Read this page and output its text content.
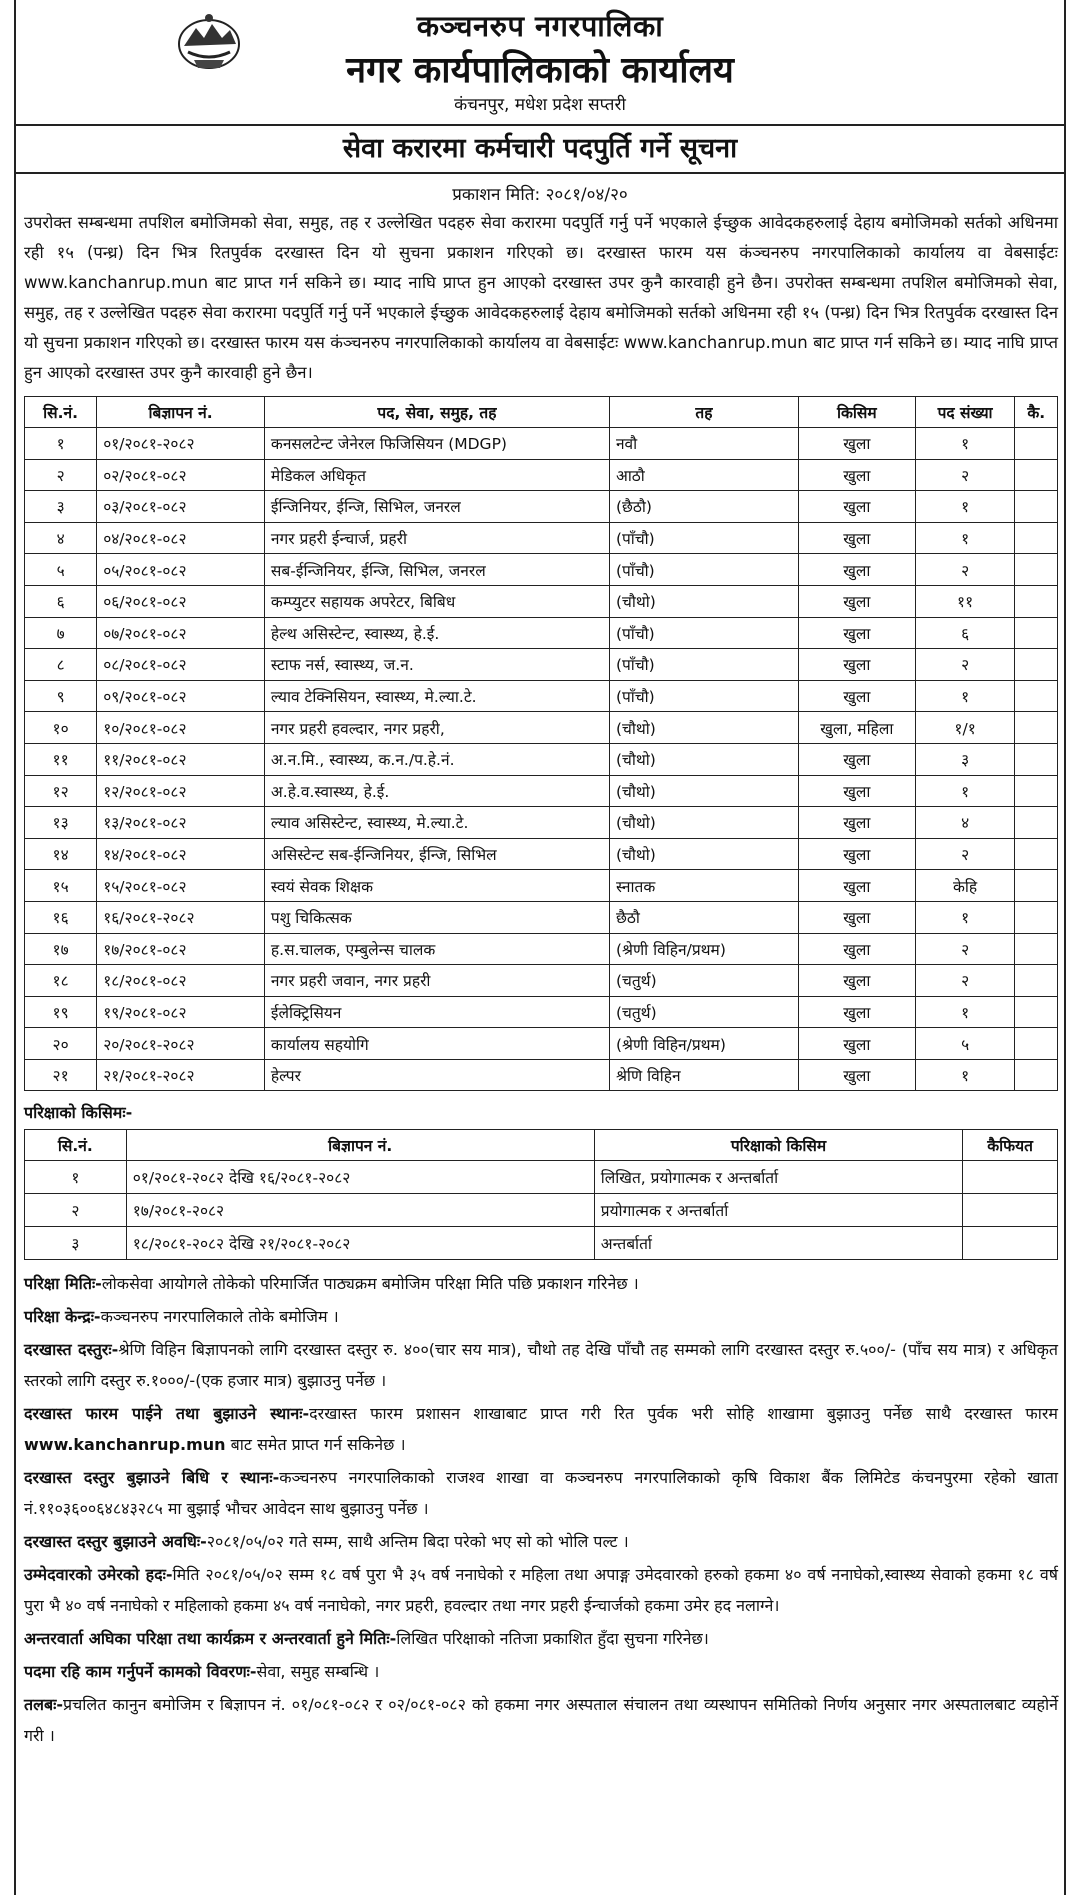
कञ्चनरुप नगरपालिका
नगर कार्यपालिकाको कार्यालय
कंचनपुर, मधेश प्रदेश सप्तरी
सेवा करारमा कर्मचारी पदपुर्ति गर्ने सूचना
प्रकाशन मिति: २०८१/०४/२०
उपरोक्त सम्बन्धमा तपशिल बमोजिमको सेवा, समुह, तह र उल्लेखित पदहरु सेवा करारमा पदपुर्ति गर्नु पर्ने भएकाले ईच्छुक आवेदकहरुलाई देहाय बमोजिमको सर्तको अधिनमा रही १५ (पन्ध्र) दिन भित्र रितपुर्वक दरखास्त दिन यो सुचना प्रकाशन गरिएको छ। दरखास्त फारम यस कंञ्चनरुप नगरपालिकाको कार्यालय वा वेबसाईटः www.kanchanrup.mun बाट प्राप्त गर्न सकिने छ। म्याद नाघि प्राप्त हुन आएको दरखास्त उपर कुनै कारवाही हुने छैन। उपरोक्त सम्बन्धमा तपशिल बमोजिमको सेवा, समुह, तह र उल्लेखित पदहरु सेवा करारमा पदपुर्ति गर्नु पर्ने भएकाले ईच्छुक आवेदकहरुलाई देहाय बमोजिमको सर्तको अधिनमा रही १५ (पन्ध्र) दिन भित्र रितपुर्वक दरखास्त दिन यो सुचना प्रकाशन गरिएको छ। दरखास्त फारम यस कंञ्चनरुप नगरपालिकाको कार्यालय वा वेबसाईटः www.kanchanrup.mun बाट प्राप्त गर्न सकिने छ। म्याद नाघि प्राप्त हुन आएको दरखास्त उपर कुनै कारवाही हुने छैन।
सि.नं.	बिज्ञापन नं.	पद, सेवा, समुह, तह	तह	किसिम	पद संख्या	कै.
१	०१/२०८१-२०८२	कनसलटेन्ट जेनेरल फिजिसियन (MDGP)	नवौ	खुला	१	
२	०२/२०८१-०८२	मेडिकल अधिकृत	आठौ	खुला	२	
३	०३/२०८१-०८२	ईन्जिनियर, ईन्जि, सिभिल, जनरल	(छैठौ)	खुला	१	
४	०४/२०८१-०८२	नगर प्रहरी ईन्चार्ज, प्रहरी	(पाँचौ)	खुला	१	
५	०५/२०८१-०८२	सब-ईन्जिनियर, ईन्जि, सिभिल, जनरल	(पाँचौ)	खुला	२	
६	०६/२०८१-०८२	कम्प्युटर सहायक अपरेटर, बिबिध	(चौथो)	खुला	११	
७	०७/२०८१-०८२	हेल्थ असिस्टेन्ट, स्वास्थ्य, हे.ई.	(पाँचौ)	खुला	६	
८	०८/२०८१-०८२	स्टाफ नर्स, स्वास्थ्य, ज.न.	(पाँचौ)	खुला	२	
९	०९/२०८१-०८२	ल्याव टेक्निसियन, स्वास्थ्य, मे.ल्या.टे.	(पाँचौ)	खुला	१	
१०	१०/२०८१-०८२	नगर प्रहरी हवल्दार, नगर प्रहरी,	(चौथो)	खुला, महिला	१/१	
११	११/२०८१-०८२	अ.न.मि., स्वास्थ्य, क.न./प.हे.नं.	(चौथो)	खुला	३	
१२	१२/२०८१-०८२	अ.हे.व.स्वास्थ्य, हे.ई.	(चौथो)	खुला	१	
१३	१३/२०८१-०८२	ल्याव असिस्टेन्ट, स्वास्थ्य, मे.ल्या.टे.	(चौथो)	खुला	४	
१४	१४/२०८१-०८२	असिस्टेन्ट सब-ईन्जिनियर, ईन्जि, सिभिल	(चौथो)	खुला	२	
१५	१५/२०८१-०८२	स्वयं सेवक शिक्षक	स्नातक	खुला	केहि	
१६	१६/२०८१-२०८२	पशु चिकित्सक	छैठौ	खुला	१	
१७	१७/२०८१-०८२	ह.स.चालक, एम्बुलेन्स चालक	(श्रेणी विहिन/प्रथम)	खुला	२	
१८	१८/२०८१-०८२	नगर प्रहरी जवान, नगर प्रहरी	(चतुर्थ)	खुला	२	
१९	१९/२०८१-०८२	ईलेक्ट्रिसियन	(चतुर्थ)	खुला	१	
२०	२०/२०८१-२०८२	कार्यालय सहयोगि	(श्रेणी विहिन/प्रथम)	खुला	५	
२१	२१/२०८१-२०८२	हेल्पर	श्रेणि विहिन	खुला	१	
परिक्षाको किसिमः-
सि.नं.	बिज्ञापन नं.	परिक्षाको किसिम	कैफियत
१	०१/२०८१-२०८२ देखि १६/२०८१-२०८२	लिखित, प्रयोगात्मक र अन्तर्बार्ता	
२	१७/२०८१-२०८२	प्रयोगात्मक र अन्तर्बार्ता	
३	१८/२०८१-२०८२ देखि २१/२०८१-२०८२	अन्तर्बार्ता	

परिक्षा मितिः-लोकसेवा आयोगले तोकेको परिमार्जित पाठ्यक्रम बमोजिम परिक्षा मिति पछि प्रकाशन गरिनेछ ।

परिक्षा केन्द्रः-कञ्चनरुप नगरपालिकाले तोके बमोजिम ।

दरखास्त दस्तुरः-श्रेणि विहिन बिज्ञापनको लागि दरखास्त दस्तुर रु. ४००(चार सय मात्र), चौथो तह देखि पाँचौ तह सम्मको लागि दरखास्त दस्तुर रु.५००/- (पाँच सय मात्र) र अधिकृत स्तरको लागि दस्तुर रु.१०००/-(एक हजार मात्र) बुझाउनु पर्नेछ ।

दरखास्त फारम पाईने तथा बुझाउने स्थानः-दरखास्त फारम प्रशासन शाखाबाट प्राप्त गरी रित पुर्वक भरी सोहि शाखामा बुझाउनु पर्नेछ साथै दरखास्त फारम www.kanchanrup.mun बाट समेत प्राप्त गर्न सकिनेछ ।

दरखास्त दस्तुर बुझाउने बिधि र स्थानः-कञ्चनरुप नगरपालिकाको राजश्व शाखा वा कञ्चनरुप नगरपालिकाको कृषि विकाश बैंक लिमिटेड कंचनपुरमा रहेको खाता नं.११०३६००६४८४३२८५ मा बुझाई भौचर आवेदन साथ बुझाउनु पर्नेछ ।

दरखास्त दस्तुर बुझाउने अवधिः-२०८१/०५/०२ गते सम्म, साथै अन्तिम बिदा परेको भए सो को भोलि पल्ट ।

उम्मेदवारको उमेरको हदः-मिति २०८१/०५/०२ सम्म १८ वर्ष पुरा भै ३५ वर्ष ननाघेको र महिला तथा अपाङ्ग उमेदवारको हरुको हकमा ४० वर्ष ननाघेको,स्वास्थ्य सेवाको हकमा १८ वर्ष पुरा भै ४० वर्ष ननाघेको र महिलाको हकमा ४५ वर्ष ननाघेको, नगर प्रहरी, हवल्दार तथा नगर प्रहरी ईन्चार्जको हकमा उमेर हद नलाग्ने।

अन्तरवार्ता अघिका परिक्षा तथा कार्यक्रम र अन्तरवार्ता हुने मितिः-लिखित परिक्षाको नतिजा प्रकाशित हुँदा सुचना गरिनेछ।

पदमा रहि काम गर्नुपर्ने कामको विवरणः-सेवा, समुह सम्बन्धि ।

तलबः-प्रचलित कानुन बमोजिम र बिज्ञापन नं. ०१/०८१-०८२ र ०२/०८१-०८२ को हकमा नगर अस्पताल संचालन तथा व्यस्थापन समितिको निर्णय अनुसार नगर अस्पतालबाट व्यहोर्ने गरी ।
